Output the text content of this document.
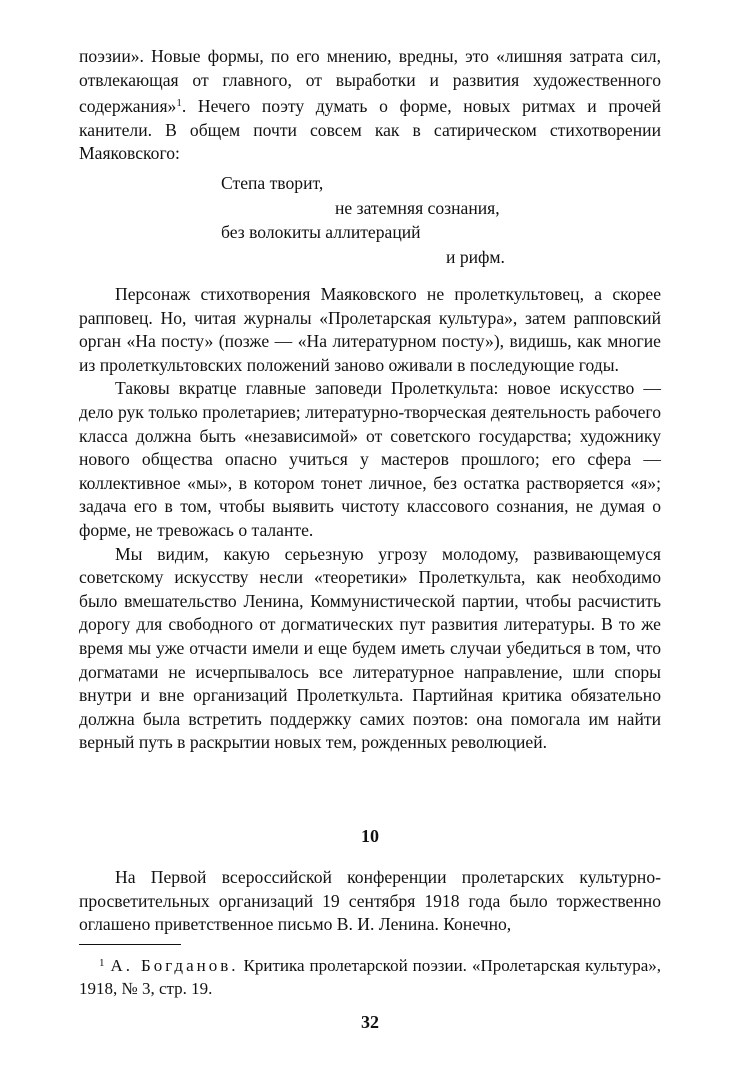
поэзии». Новые формы, по его мнению, вредны, это «лишняя затрата сил, отвлекающая от главного, от выработки и развития художественного содержания»$^1$. Нечего поэту думать о форме, новых ритмах и прочей канители. В общем почти совсем как в сатирическом стихотворении Маяковского:

Степа творит,
не затемняя сознания,
без волокиты аллитераций
и рифм.

Персонаж стихотворения Маяковского не пролеткультовец, а скорее рапповец. Но, читая журналы «Пролетарская культура», затем рапповский орган «На посту» (позже — «На литературном посту»), видишь, как многие из пролеткультовских положений заново оживали в последующие годы.

Таковы вкратце главные заповеди Пролеткульта: новое искусство — дело рук только пролетариев; литературно-творческая деятельность рабочего класса должна быть «независимой» от советского государства; художнику нового общества опасно учиться у мастеров прошлого; его сфера — коллективное «мы», в котором тонет личное, без остатка растворяется «я»; задача его в том, чтобы выявить чистоту классового сознания, не думая о форме, не тревожась о таланте.

Мы видим, какую серьезную угрозу молодому, развивающемуся советскому искусству несли «теоретики» Пролеткульта, как необходимо было вмешательство Ленина, Коммунистической партии, чтобы расчистить дорогу для свободного от догматических пут развития литературы. В то же время мы уже отчасти имели и еще будем иметь случаи убедиться в том, что догматами не исчерпывалось все литературное направление, шли споры внутри и вне организаций Пролеткульта. Партийная критика обязательно должна была встретить поддержку самих поэтов: она помогала им найти верный путь в раскрытии новых тем, рожденных революцией.

10

На Первой всероссийской конференции пролетарских культурно-просветительных организаций 19 сентября 1918 года было торжественно оглашено приветственное письмо В. И. Ленина. Конечно,

$^1$ А. Богданов. Критика пролетарской поэзии. «Пролетарская культура», 1918, № 3, стр. 19.
32
